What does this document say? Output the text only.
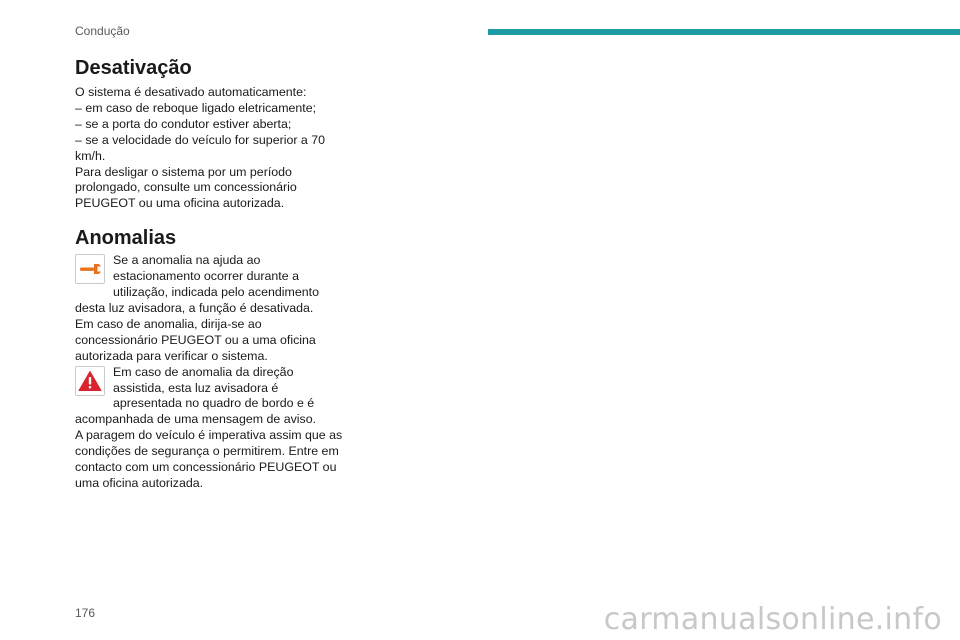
Condução
Desativação

O sistema é desativado automaticamente:

– em caso de reboque ligado eletricamente;

– se a porta do condutor estiver aberta;

– se a velocidade do veículo for superior a 70 km/h.

Para desligar o sistema por um período prolongado, consulte um concessionário PEUGEOT ou uma oficina autorizada.

Anomalias

Se a anomalia na ajuda ao estacionamento ocorrer durante a utilização, indicada pelo acendimento desta luz avisadora, a função é desativada.

Em caso de anomalia, dirija-se ao concessionário PEUGEOT ou a uma oficina autorizada para verificar o sistema.

Em caso de anomalia da direção assistida, esta luz avisadora é apresentada no quadro de bordo e é acompanhada de uma mensagem de aviso.

A paragem do veículo é imperativa assim que as condições de segurança o permitirem. Entre em contacto com um concessionário PEUGEOT ou uma oficina autorizada.

176	carmanualsonline.info
